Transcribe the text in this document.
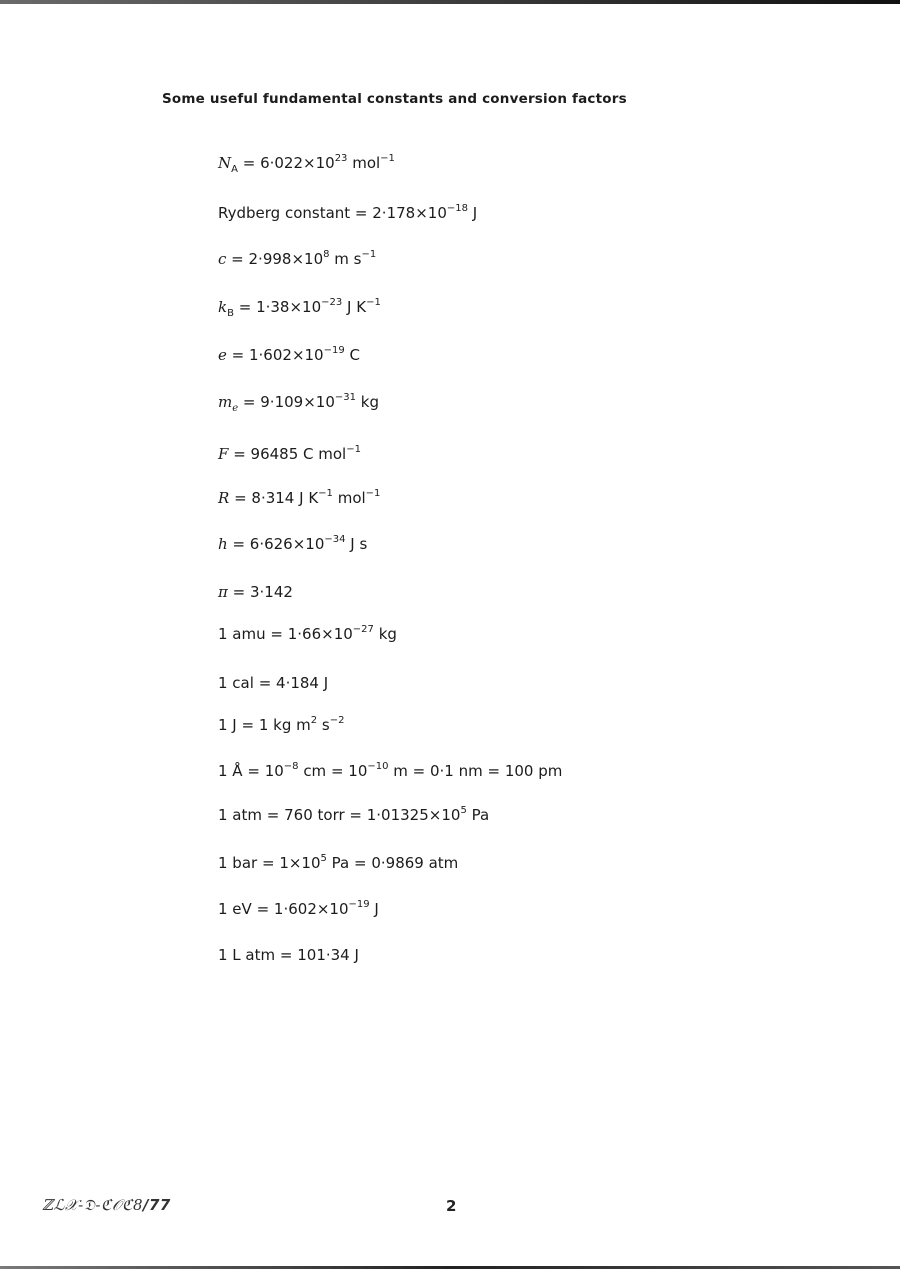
Some useful fundamental constants and conversion factors
$N_A = 6\cdot 022\times 10^{23}$ mol$^{-1}$
Rydberg constant = $2\cdot 178\times 10^{-18}$ J
$c = 2\cdot 998\times 10^8$ m $s^{-1}$
$k_B = 1\cdot 38\times 10^{-23}$ J $K^{-1}$
$e = 1\cdot 602\times 10^{-19}$ C
$m_e = 9\cdot 109\times 10^{-31}$ kg
F = 96485 C mol$^{-1}$
R = 8·314 J $K^{-1}$ mol$^{-1}$
$h = 6\cdot 626\times 10^{-34}$ J s
π = 3·142
1 amu = $1\cdot 66\times 10^{-27}$ kg
1 cal = 4·184 J
1 J = 1 kg $m^2$ $s^{-2}$
1 Å = $10^{-8}$ cm = $10^{-10}$ m = 0·1 nm = 100 pm
1 atm = 760 torr = $1\cdot 01325\times 10^5$ Pa
1 bar = $1\times 10^5$ Pa = 0·9869 atm
1 eV = $1\cdot 602\times 10^{-19}$ J
1 L atm = 101·34 J
ℤℒ𝒳-𝔇-ℭ𝒪ℭ8/77	2
